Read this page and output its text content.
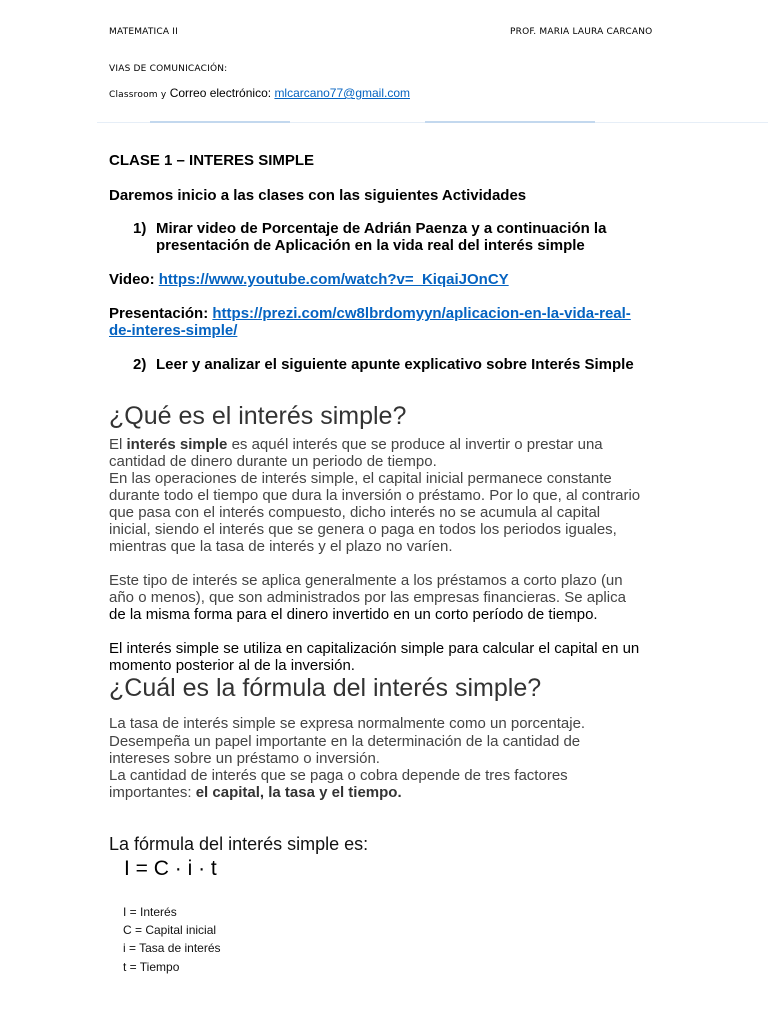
MATEMATICA II	PROF. MARIA LAURA CARCANO
VIAS DE COMUNICACIÓN:
Classroom y Correo electrónico: mlcarcano77@gmail.com
CLASE 1 – INTERES SIMPLE
Daremos inicio a las clases con las siguientes Actividades
1) Mirar video de Porcentaje de Adrián Paenza y a continuación la
presentación de Aplicación en la vida real del interés simple
Video: https://www.youtube.com/watch?v=_KiqaiJOnCY
Presentación: https://prezi.com/cw8lbrdomyyn/aplicacion-en-la-vida-real-
de-interes-simple/
2) Leer y analizar el siguiente apunte explicativo sobre Interés Simple
¿Qué es el interés simple?
El interés simple es aquél interés que se produce al invertir o prestar una
cantidad de dinero durante un periodo de tiempo.
En las operaciones de interés simple, el capital inicial permanece constante
durante todo el tiempo que dura la inversión o préstamo. Por lo que, al contrario
que pasa con el interés compuesto, dicho interés no se acumula al capital
inicial, siendo el interés que se genera o paga en todos los periodos iguales,
mientras que la tasa de interés y el plazo no varíen.
Este tipo de interés se aplica generalmente a los préstamos a corto plazo (un
año o menos), que son administrados por las empresas financieras. Se aplica
de la misma forma para el dinero invertido en un corto período de tiempo.
El interés simple se utiliza en capitalización simple para calcular el capital en un
momento posterior al de la inversión.
¿Cuál es la fórmula del interés simple?
La tasa de interés simple se expresa normalmente como un porcentaje.
Desempeña un papel importante en la determinación de la cantidad de
intereses sobre un préstamo o inversión.
La cantidad de interés que se paga o cobra depende de tres factores
importantes: el capital, la tasa y el tiempo.
La fórmula del interés simple es:
I = C · i · t
I = Interés
C = Capital inicial
i = Tasa de interés
t = Tiempo
